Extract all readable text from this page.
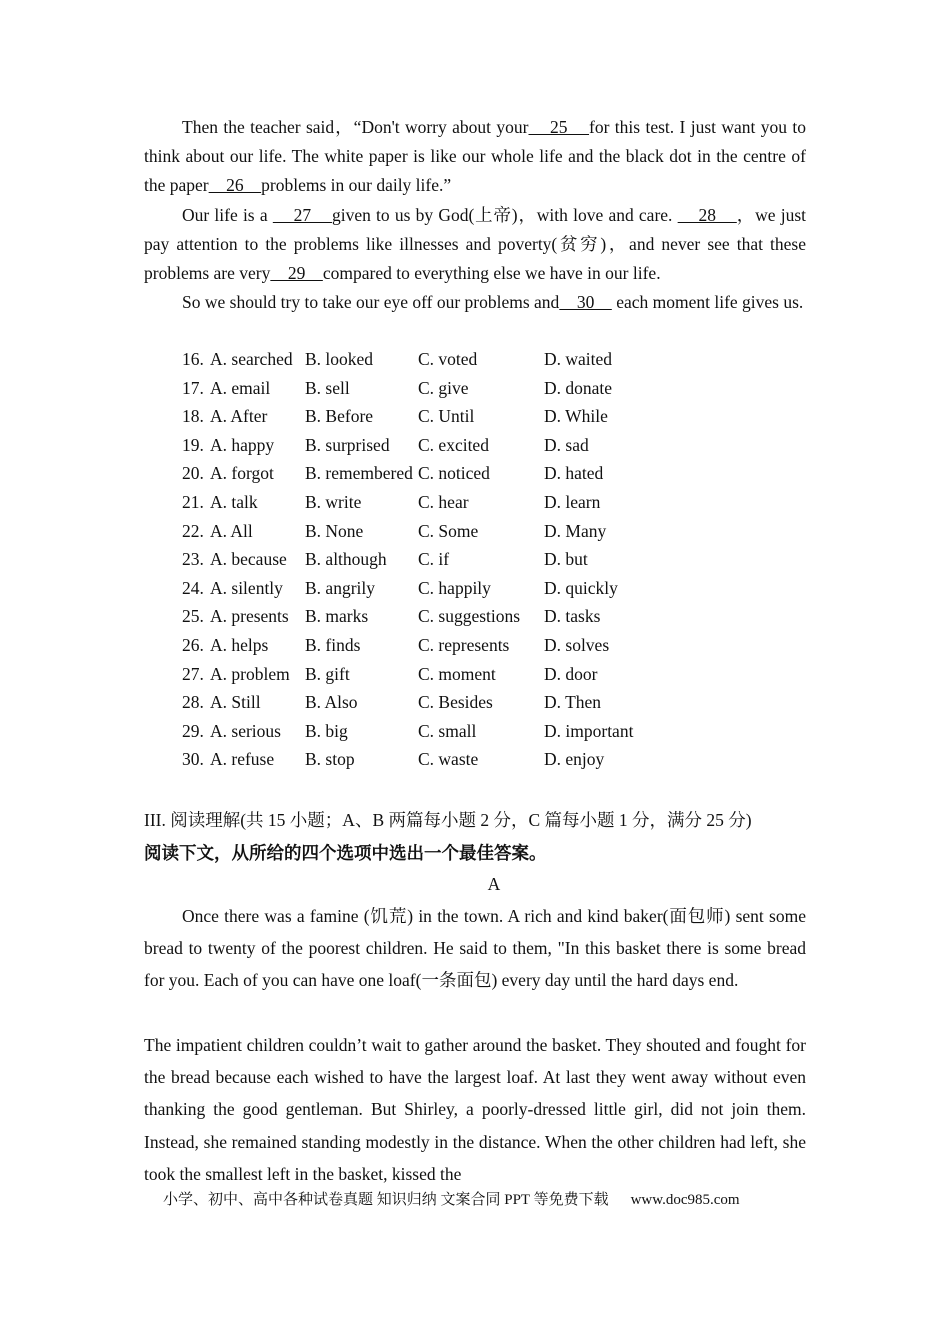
Then the teacher said，“Don't worry about your    25    for this test. I just want you to think about our life. The white paper is like our whole life and the black dot in the centre of the paper    26    problems in our daily life.”

Our life is a     27    given to us by God(上帝)，with love and care.     28    ，we just pay attention to the problems like illnesses and poverty(贫穷)，and never see that these problems are very    29    compared to everything else we have in our life.

So we should try to take our eye off our problems and    30     each moment life gives us.

16. A. searched B. looked	C. voted	D. waited
17. A. email B. sell	C. give	D. donate
18. A. After B. Before	C. Until	D. While
19. A. happy B. surprised C. excited	D. sad
20. A. forgot B. remembered C. noticed	D. hated
21. A. talk	B. write	C. hear	D. learn
22. A. All	B. None	C. Some	D. Many
23. A. because B. although C. if	D. but
24. A. silently B. angrily C. happily	D. quickly
25. A. presents B. marks	C. suggestions D. tasks
26. A. helps B. finds	C. represents D. solves
27. A. problem B. gift	C. moment	D. door
28. A. Still	B. Also	C. Besides	D. Then
29. A. serious B. big	C. small	D. important
30. A. refuse B. stop	C. waste	D. enjoy
III. 阅读理解(共 15 小题；A、B 两篇每小题 2 分，C 篇每小题 1 分，满分 25 分)
阅读下文，从所给的四个选项中选出一个最佳答案。
A

Once there was a famine (饥荒) in the town. A rich and kind baker(面包师) sent some bread to twenty of the poorest children. He said to them, "In this basket there is some bread for you. Each of you can have one loaf(一条面包) every day until the hard days end.

The impatient children couldn’t wait to gather around the basket. They shouted and fought for the bread because each wished to have the largest loaf. At last they went away without even thanking the good gentleman. But Shirley, a poorly-dressed little girl, did not join them. Instead, she remained standing modestly in the distance. When the other children had left, she took the smallest left in the basket, kissed the

小学、初中、高中各种试卷真题 知识归纳 文案合同 PPT 等免费下载 www.doc985.com
